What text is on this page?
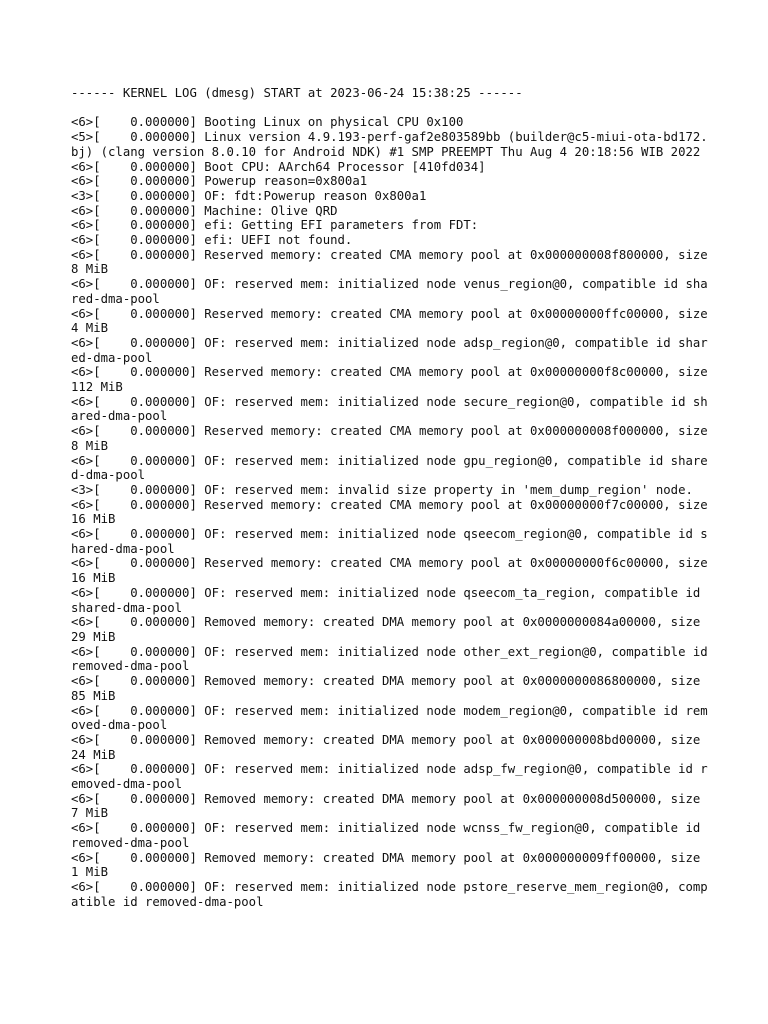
------ KERNEL LOG (dmesg) START at 2023-06-24 15:38:25 ------
<6>[    0.000000] Booting Linux on physical CPU 0x100
<5>[    0.000000] Linux version 4.9.193-perf-gaf2e803589bb (builder@c5-miui-ota-bd172.bj) (clang version 8.0.10 for Android NDK) #1 SMP PREEMPT Thu Aug 4 20:18:56 WIB 2022
<6>[    0.000000] Boot CPU: AArch64 Processor [410fd034]
<6>[    0.000000] Powerup reason=0x800a1
<3>[    0.000000] OF: fdt:Powerup reason 0x800a1
<6>[    0.000000] Machine: Olive QRD
<6>[    0.000000] efi: Getting EFI parameters from FDT:
<6>[    0.000000] efi: UEFI not found.
<6>[    0.000000] Reserved memory: created CMA memory pool at 0x000000008f800000, size 8 MiB
<6>[    0.000000] OF: reserved mem: initialized node venus_region@0, compatible id shared-dma-pool
<6>[    0.000000] Reserved memory: created CMA memory pool at 0x00000000ffc00000, size 4 MiB
<6>[    0.000000] OF: reserved mem: initialized node adsp_region@0, compatible id shared-dma-pool
<6>[    0.000000] Reserved memory: created CMA memory pool at 0x00000000f8c00000, size 112 MiB
<6>[    0.000000] OF: reserved mem: initialized node secure_region@0, compatible id shared-dma-pool
<6>[    0.000000] Reserved memory: created CMA memory pool at 0x000000008f000000, size 8 MiB
<6>[    0.000000] OF: reserved mem: initialized node gpu_region@0, compatible id shared-dma-pool
<3>[    0.000000] OF: reserved mem: invalid size property in 'mem_dump_region' node.
<6>[    0.000000] Reserved memory: created CMA memory pool at 0x00000000f7c00000, size 16 MiB
<6>[    0.000000] OF: reserved mem: initialized node qseecom_region@0, compatible id shared-dma-pool
<6>[    0.000000] Reserved memory: created CMA memory pool at 0x00000000f6c00000, size 16 MiB
<6>[    0.000000] OF: reserved mem: initialized node qseecom_ta_region, compatible id shared-dma-pool
<6>[    0.000000] Removed memory: created DMA memory pool at 0x0000000084a00000, size 29 MiB
<6>[    0.000000] OF: reserved mem: initialized node other_ext_region@0, compatible id removed-dma-pool
<6>[    0.000000] Removed memory: created DMA memory pool at 0x0000000086800000, size 85 MiB
<6>[    0.000000] OF: reserved mem: initialized node modem_region@0, compatible id removed-dma-pool
<6>[    0.000000] Removed memory: created DMA memory pool at 0x000000008bd00000, size 24 MiB
<6>[    0.000000] OF: reserved mem: initialized node adsp_fw_region@0, compatible id removed-dma-pool
<6>[    0.000000] Removed memory: created DMA memory pool at 0x000000008d500000, size 7 MiB
<6>[    0.000000] OF: reserved mem: initialized node wcnss_fw_region@0, compatible id removed-dma-pool
<6>[    0.000000] Removed memory: created DMA memory pool at 0x000000009ff00000, size 1 MiB
<6>[    0.000000] OF: reserved mem: initialized node pstore_reserve_mem_region@0, compatible id removed-dma-pool
